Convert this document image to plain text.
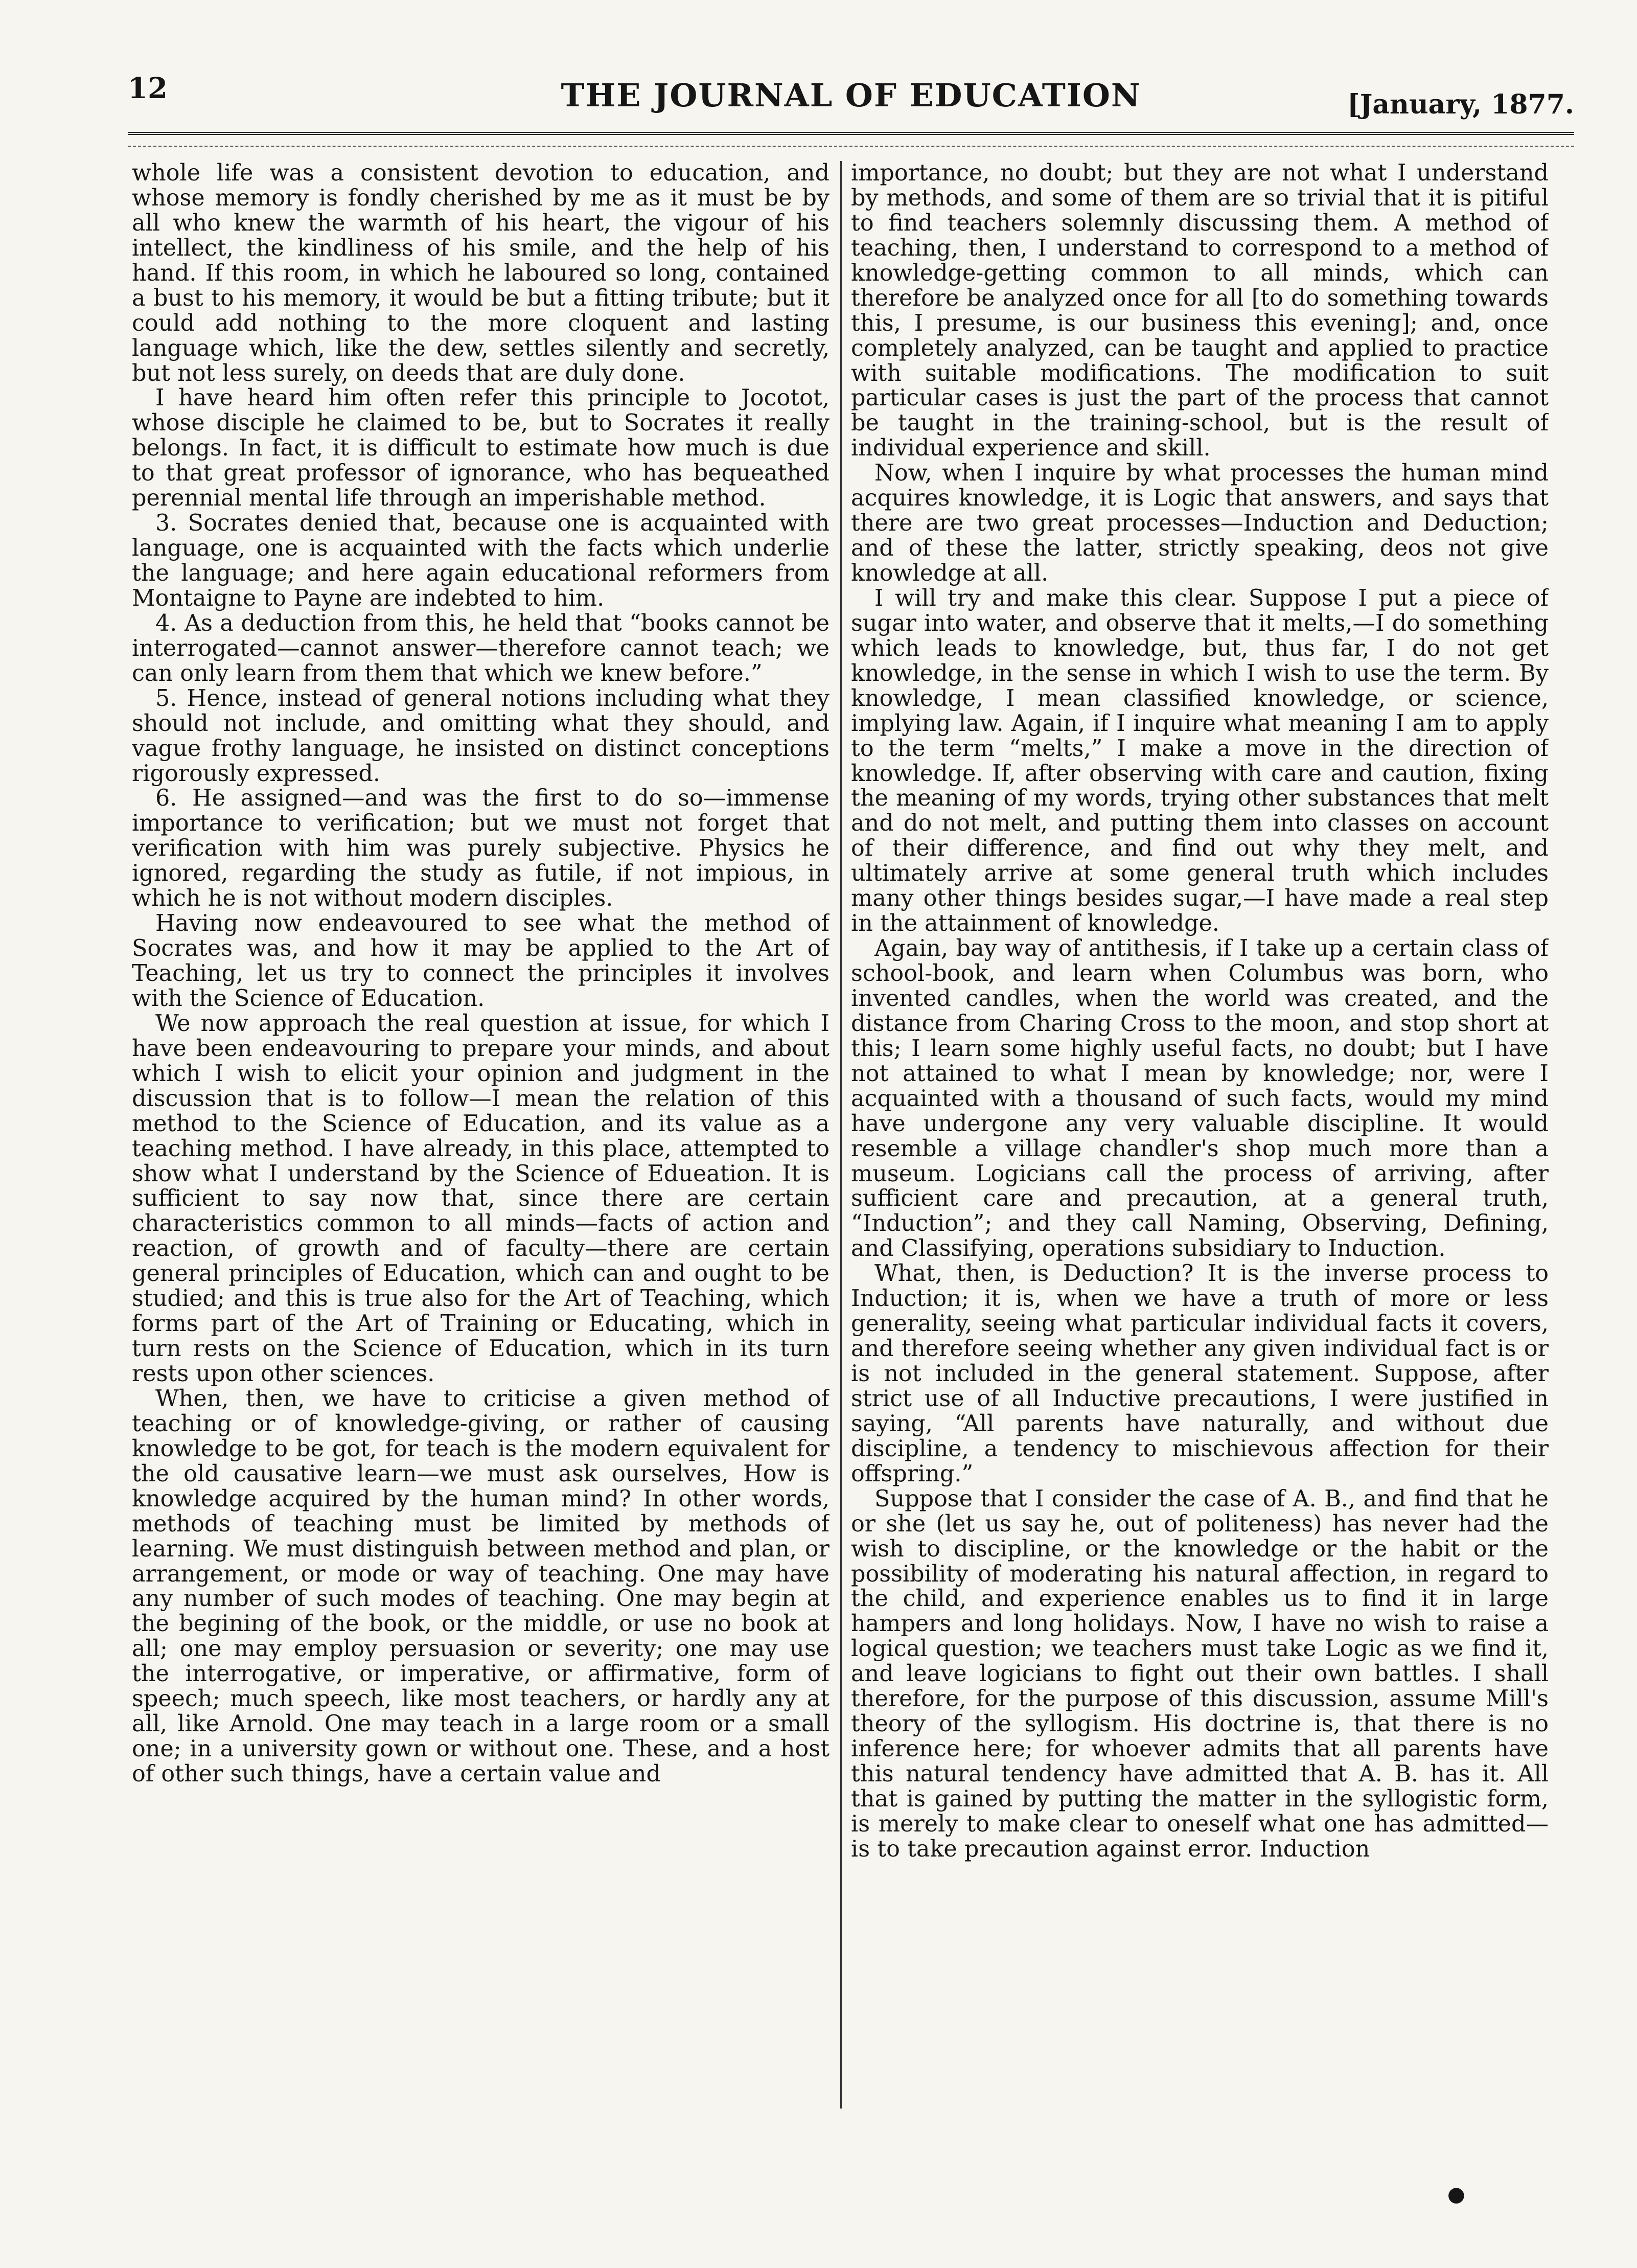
12	THE JOURNAL OF EDUCATION	[January, 1877.

whole life was a consistent devotion to education, and whose memory is fondly cherished by me as it must be by all who knew the warmth of his heart, the vigour of his intellect, the kindliness of his smile, and the help of his hand. If this room, in which he laboured so long, contained a bust to his memory, it would be but a fitting tribute; but it could add nothing to the more cloquent and lasting language which, like the dew, settles silently and secretly, but not less surely, on deeds that are duly done.

I have heard him often refer this principle to Jocotot, whose disciple he claimed to be, but to Socrates it really belongs. In fact, it is difficult to estimate how much is due to that great professor of ignorance, who has bequeathed perennial mental life through an imperishable method.

3. Socrates denied that, because one is acquainted with language, one is acquainted with the facts which underlie the language; and here again educational reformers from Montaigne to Payne are indebted to him.

4. As a deduction from this, he held that “books cannot be interrogated—cannot answer—therefore cannot teach; we can only learn from them that which we knew before.”

5. Hence, instead of general notions including what they should not include, and omitting what they should, and vague frothy language, he insisted on distinct conceptions rigorously expressed.

6. He assigned—and was the first to do so—immense importance to verification; but we must not forget that verification with him was purely subjective. Physics he ignored, regarding the study as futile, if not impious, in which he is not without modern disciples.

Having now endeavoured to see what the method of Socrates was, and how it may be applied to the Art of Teaching, let us try to connect the principles it involves with the Science of Education.

We now approach the real question at issue, for which I have been endeavouring to prepare your minds, and about which I wish to elicit your opinion and judgment in the discussion that is to follow—I mean the relation of this method to the Science of Education, and its value as a teaching method. I have already, in this place, attempted to show what I understand by the Science of Edueation. It is sufficient to say now that, since there are certain characteristics common to all minds—facts of action and reaction, of growth and of faculty—there are certain general principles of Education, which can and ought to be studied; and this is true also for the Art of Teaching, which forms part of the Art of Training or Educating, which in turn rests on the Science of Education, which in its turn rests upon other sciences.

When, then, we have to criticise a given method of teaching or of knowledge-giving, or rather of causing knowledge to be got, for teach is the modern equivalent for the old causative learn—we must ask ourselves, How is knowledge acquired by the human mind? In other words, methods of teaching must be limited by methods of learning. We must distinguish between method and plan, or arrangement, or mode or way of teaching. One may have any number of such modes of teaching. One may begin at the begining of the book, or the middle, or use no book at all; one may employ persuasion or severity; one may use the interrogative, or imperative, or affirmative, form of speech; much speech, like most teachers, or hardly any at all, like Arnold. One may teach in a large room or a small one; in a university gown or without one. These, and a host of other such things, have a certain value and

importance, no doubt; but they are not what I understand by methods, and some of them are so trivial that it is pitiful to find teachers solemnly discussing them. A method of teaching, then, I understand to correspond to a method of knowledge-getting common to all minds, which can therefore be analyzed once for all [to do something towards this, I presume, is our business this evening]; and, once completely analyzed, can be taught and applied to practice with suitable modifications. The modification to suit particular cases is just the part of the process that cannot be taught in the training-school, but is the result of individual experience and skill.

Now, when I inquire by what processes the human mind acquires knowledge, it is Logic that answers, and says that there are two great processes—Induction and Deduction; and of these the latter, strictly speaking, deos not give knowledge at all.

I will try and make this clear. Suppose I put a piece of sugar into water, and observe that it melts,—I do something which leads to knowledge, but, thus far, I do not get knowledge, in the sense in which I wish to use the term. By knowledge, I mean classified knowledge, or science, implying law. Again, if I inquire what meaning I am to apply to the term “melts,” I make a move in the direction of knowledge. If, after observing with care and caution, fixing the meaning of my words, trying other substances that melt and do not melt, and putting them into classes on account of their difference, and find out why they melt, and ultimately arrive at some general truth which includes many other things besides sugar,—I have made a real step in the attainment of knowledge.

Again, bay way of antithesis, if I take up a certain class of school-book, and learn when Columbus was born, who invented candles, when the world was created, and the distance from Charing Cross to the moon, and stop short at this; I learn some highly useful facts, no doubt; but I have not attained to what I mean by knowledge; nor, were I acquainted with a thousand of such facts, would my mind have undergone any very valuable discipline. It would resemble a village chandler's shop much more than a museum. Logicians call the process of arriving, after sufficient care and precaution, at a general truth, “Induction”; and they call Naming, Observing, Defining, and Classifying, operations subsidiary to Induction.

What, then, is Deduction? It is the inverse process to Induction; it is, when we have a truth of more or less generality, seeing what particular individual facts it covers, and therefore seeing whether any given individual fact is or is not included in the general statement. Suppose, after strict use of all Inductive precautions, I were justified in saying, “All parents have naturally, and without due discipline, a tendency to mischievous affection for their offspring.”

Suppose that I consider the case of A. B., and find that he or she (let us say he, out of politeness) has never had the wish to discipline, or the knowledge or the habit or the possibility of moderating his natural affection, in regard to the child, and experience enables us to find it in large hampers and long holidays. Now, I have no wish to raise a logical question; we teachers must take Logic as we find it, and leave logicians to fight out their own battles. I shall therefore, for the purpose of this discussion, assume Mill's theory of the syllogism. His doctrine is, that there is no inference here; for whoever admits that all parents have this natural tendency have admitted that A. B. has it. All that is gained by putting the matter in the syllogistic form, is merely to make clear to oneself what one has admitted—is to take precaution against error. Induction

●
